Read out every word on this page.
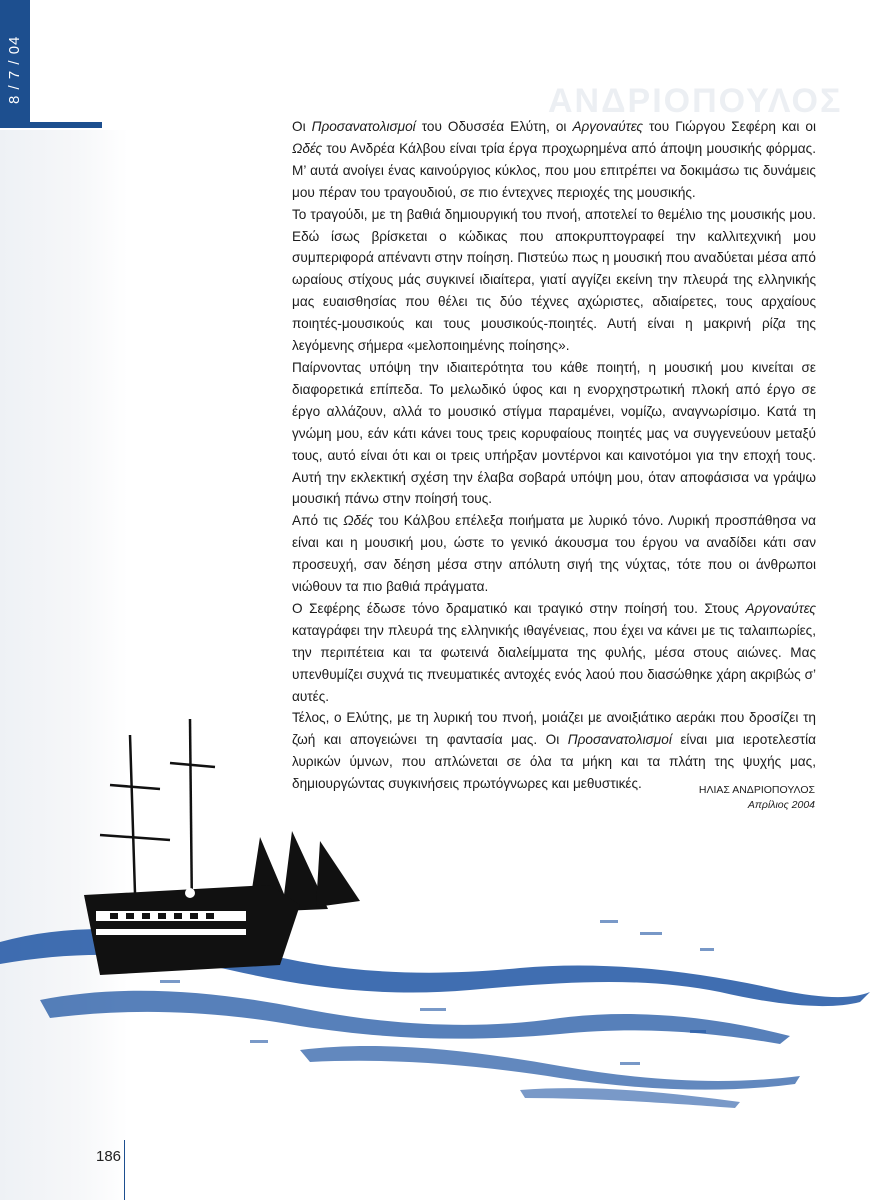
ΑΝΔΡΙΟΠΟΥΛΟΣ
8 / 7 / 04

Οι Προσανατολισμοί του Οδυσσέα Ελύτη, οι Αργοναύτες του Γιώργου Σεφέρη και οι Ωδές του Ανδρέα Κάλβου είναι τρία έργα προχωρημένα από άποψη μουσικής φόρμας. Μ’ αυτά ανοίγει ένας καινούργιος κύκλος, που μου επιτρέπει να δοκιμάσω τις δυνάμεις μου πέραν του τραγουδιού, σε πιο έντεχνες περιοχές της μουσικής.

Το τραγούδι, με τη βαθιά δημιουργική του πνοή, αποτελεί το θεμέλιο της μουσικής μου. Εδώ ίσως βρίσκεται ο κώδικας που αποκρυπτογραφεί την καλλιτεχνική μου συμπεριφορά απέναντι στην ποίηση. Πιστεύω πως η μουσική που αναδύεται μέσα από ωραίους στίχους μάς συγκινεί ιδιαίτερα, γιατί αγγίζει εκείνη την πλευρά της ελληνικής μας ευαισθησίας που θέλει τις δύο τέχνες αχώριστες, αδιαίρετες, τους αρχαίους ποιητές-μουσικούς και τους μουσικούς-ποιητές. Αυτή είναι η μακρινή ρίζα της λεγόμενης σήμερα «μελοποιημένης ποίησης».

Παίρνοντας υπόψη την ιδιαιτερότητα του κάθε ποιητή, η μουσική μου κινείται σε διαφορετικά επίπεδα. Το μελωδικό ύφος και η ενορχηστρωτική πλοκή από έργο σε έργο αλλάζουν, αλλά το μουσικό στίγμα παραμένει, νομίζω, αναγνωρίσιμο. Κατά τη γνώμη μου, εάν κάτι κάνει τους τρεις κορυφαίους ποιητές μας να συγγενεύουν μεταξύ τους, αυτό είναι ότι και οι τρεις υπήρξαν μοντέρνοι και καινοτόμοι για την εποχή τους. Αυτή την εκλεκτική σχέση την έλαβα σοβαρά υπόψη μου, όταν αποφάσισα να γράψω μουσική πάνω στην ποίησή τους.

Από τις Ωδές του Κάλβου επέλεξα ποιήματα με λυρικό τόνο. Λυρική προσπάθησα να είναι και η μουσική μου, ώστε το γενικό άκουσμα του έργου να αναδίδει κάτι σαν προσευχή, σαν δέηση μέσα στην απόλυτη σιγή της νύχτας, τότε που οι άνθρωποι νιώθουν τα πιο βαθιά πράγματα.

Ο Σεφέρης έδωσε τόνο δραματικό και τραγικό στην ποίησή του. Στους Αργοναύτες καταγράφει την πλευρά της ελληνικής ιθαγένειας, που έχει να κάνει με τις ταλαιπωρίες, την περιπέτεια και τα φωτεινά διαλείμματα της φυλής, μέσα στους αιώνες. Μας υπενθυμίζει συχνά τις πνευματικές αντοχές ενός λαού που διασώθηκε χάρη ακριβώς σ’ αυτές.

Τέλος, ο Ελύτης, με τη λυρική του πνοή, μοιάζει με ανοιξιάτικο αεράκι που δροσίζει τη ζωή και απογειώνει τη φαντασία μας. Οι Προσανατολισμοί είναι μια ιεροτελεστία λυρικών ύμνων, που απλώνεται σε όλα τα μήκη και τα πλάτη της ψυχής μας, δημιουργώντας συγκινήσεις πρωτόγνωρες και μεθυστικές.	ΗΛΙΑΣ ΑΝΔΡΙΟΠΟΥΛΟΣ
Απρίλιος 2004
186
